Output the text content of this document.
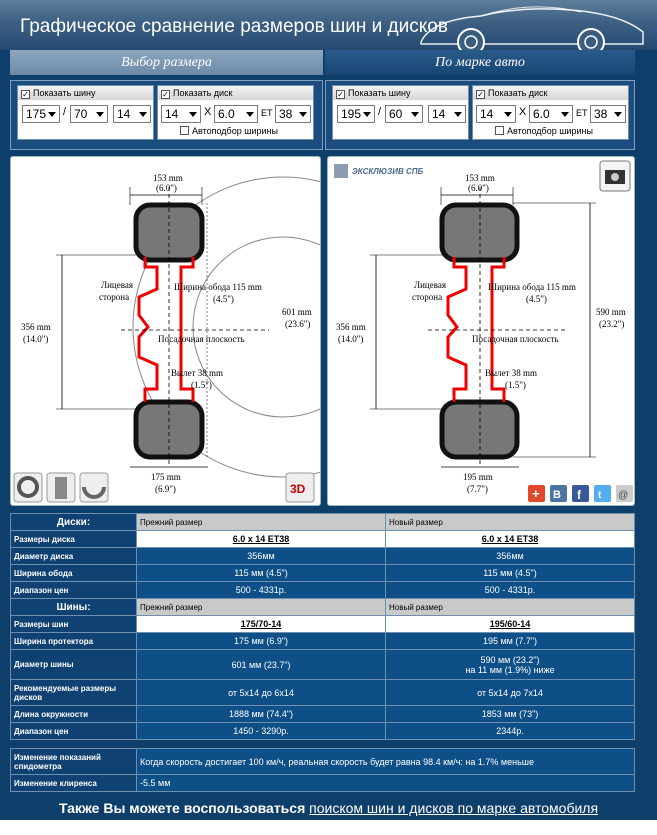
Графическое сравнение размеров шин и дисков
Выбор размера	По марке авто
✓ Показать шину
175	/ 70	14
✓ Показать диск
14	X 6.0	ET 38
Автоподбор ширины
✓ Показать шину
195	/ 60	14
✓ Показать диск
14	X 6.0	ET 38
Автоподбор ширины
153 mm
(6.0")
356 mm
(14.0")
Лицевая
сторона
Ширина обода 115 mm
(4.5")
Посадочная плоскость
Вылет 38 mm
(1.5")
601 mm
(23.6")
175 mm
(6.9")	3D
ЭКСКЛЮЗИВ СПБ
153 mm
(6.0")
356 mm
(14.0")
Лицевая
сторона
Ширина обода 115 mm
(4.5")
Посадочная плоскость
Вылет 38 mm
(1.5")
590 mm
(23.2")
195 mm
(7.7")	+ B f t @
Диски:	Прежний размер	Новый размер
Размеры диска	6.0 x 14 ET38	6.0 x 14 ET38
Диаметр диска	356мм	356мм
Ширина обода	115 мм (4.5")	115 мм (4.5")
Диапазон цен	500 - 4331р.	500 - 4331р.
Шины:	Прежний размер	Новый размер
Размеры шин	175/70-14	195/60-14
Ширина протектора	175 мм (6.9")	195 мм (7.7")
Диаметр шины	601 мм (23.7")	590 мм (23.2")
на 11 мм (1.9%) ниже

Рекомендуемые размеры дисков	от 5x14 до 6x14	от 5x14 до 7x14
Длина окружности	1888 мм (74.4")	1853 мм (73")
Диапазон цен	1450 - 3290р.	2344р.
Изменение показаний спидометра	Когда скорость достигает 100 км/ч, реальная скорость будет равна 98.4 км/ч: на 1.7% меньше
Изменение клиренса	-5.5 мм
Также Вы можете воспользоваться поиском шин и дисков по марке автомобиля
